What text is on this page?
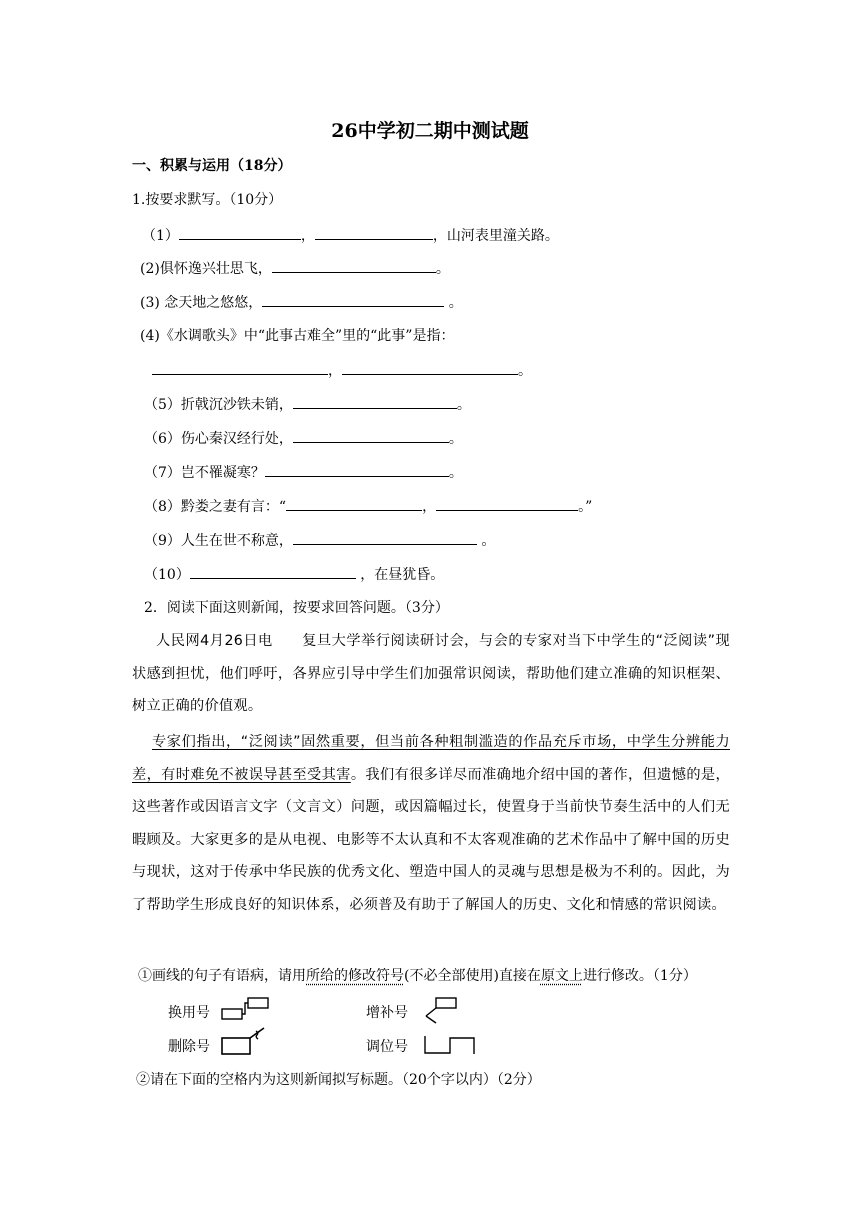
26中学初二期中测试题
一、积累与运用（18分）
1.按要求默写。（10分）
（1）	，	，山河表里潼关路。
(2)俱怀逸兴壮思飞，	。
(3) 念天地之悠悠，	。
(4)《水调歌头》中“此事古难全”里的“此事”是指：
，	。
（5）折戟沉沙铁未销，	。
（6）伤心秦汉经行处，	。
（7）岂不罹凝寒？	。
（8）黔娄之妻有言：“	，	。”
（9）人生在世不称意，	。
（10）	，在昼犹昏。
2．阅读下面这则新闻，按要求回答问题。（3分）
人民网4月26日电　　复旦大学举行阅读研讨会，与会的专家对当下中学生的“泛阅读”现状感到担忧，他们呼吁，各界应引导中学生们加强常识阅读，帮助他们建立准确的知识框架、树立正确的价值观。
专家们指出，“泛阅读”固然重要，但当前各种粗制滥造的作品充斥市场，中学生分辨能力差，有时难免不被误导甚至受其害。我们有很多详尽而准确地介绍中国的著作，但遗憾的是，这些著作或因语言文字（文言文）问题，或因篇幅过长，使置身于当前快节奏生活中的人们无暇顾及。大家更多的是从电视、电影等不太认真和不太客观准确的艺术作品中了解中国的历史与现状，这对于传承中华民族的优秀文化、塑造中国人的灵魂与思想是极为不利的。因此，为了帮助学生形成良好的知识体系，必须普及有助于了解国人的历史、文化和情感的常识阅读。
①画线的句子有语病，请用所给的修改符号(不必全部使用)直接在原文上进行修改。（1分）
换用号	增补号
删除号	调位号
②请在下面的空格内为这则新闻拟写标题。（20个字以内）（2分）
